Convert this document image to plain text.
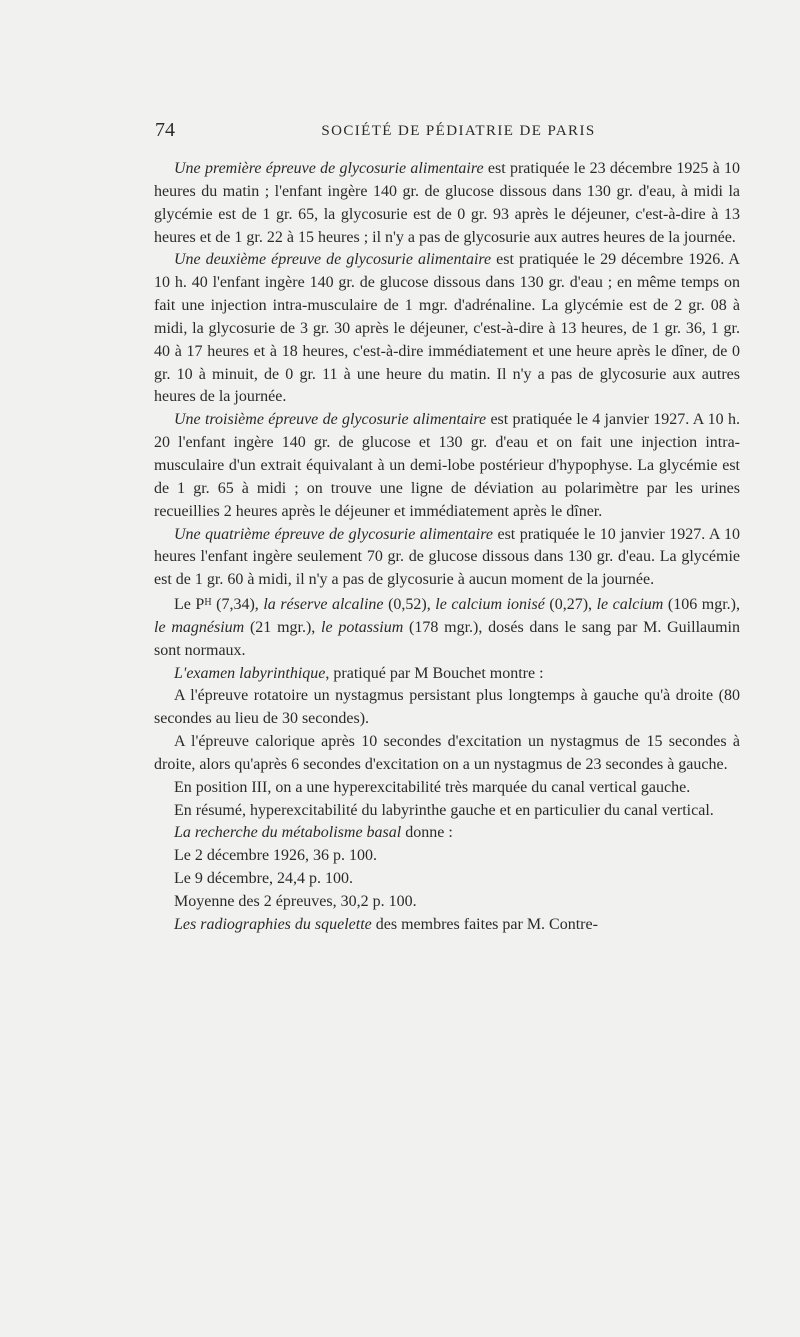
74	SOCIÉTÉ DE PÉDIATRIE DE PARIS

Une première épreuve de glycosurie alimentaire est pratiquée le 23 décembre 1925 à 10 heures du matin ; l'enfant ingère 140 gr. de glucose dissous dans 130 gr. d'eau, à midi la glycémie est de 1 gr. 65, la glycosurie est de 0 gr. 93 après le déjeuner, c'est-à-dire à 13 heures et de 1 gr. 22 à 15 heures ; il n'y a pas de glycosurie aux autres heures de la journée.

Une deuxième épreuve de glycosurie alimentaire est pratiquée le 29 décembre 1926. A 10 h. 40 l'enfant ingère 140 gr. de glucose dissous dans 130 gr. d'eau ; en même temps on fait une injection intra-musculaire de 1 mgr. d'adrénaline. La glycémie est de 2 gr. 08 à midi, la glycosurie de 3 gr. 30 après le déjeuner, c'est-à-dire à 13 heures, de 1 gr. 36, 1 gr. 40 à 17 heures et à 18 heures, c'est-à-dire immédiatement et une heure après le dîner, de 0 gr. 10 à minuit, de 0 gr. 11 à une heure du matin. Il n'y a pas de glycosurie aux autres heures de la journée.

Une troisième épreuve de glycosurie alimentaire est pratiquée le 4 janvier 1927. A 10 h. 20 l'enfant ingère 140 gr. de glucose et 130 gr. d'eau et on fait une injection intra-musculaire d'un extrait équivalant à un demi-lobe postérieur d'hypophyse. La glycémie est de 1 gr. 65 à midi ; on trouve une ligne de déviation au polarimètre par les urines recueillies 2 heures après le déjeuner et immédiatement après le dîner.

Une quatrième épreuve de glycosurie alimentaire est pratiquée le 10 janvier 1927. A 10 heures l'enfant ingère seulement 70 gr. de glucose dissous dans 130 gr. d'eau. La glycémie est de 1 gr. 60 à midi, il n'y a pas de glycosurie à aucun moment de la journée.

Le $P_H$ (7,34), la réserve alcaline (0,52), le calcium ionisé (0,27), le calcium (106 mgr.), le magnésium (21 mgr.), le potassium (178 mgr.), dosés dans le sang par M. Guillaumin sont normaux.

L'examen labyrinthique, pratiqué par M Bouchet montre :

A l'épreuve rotatoire un nystagmus persistant plus longtemps à gauche qu'à droite (80 secondes au lieu de 30 secondes).

A l'épreuve calorique après 10 secondes d'excitation un nystagmus de 15 secondes à droite, alors qu'après 6 secondes d'excitation on a un nystagmus de 23 secondes à gauche.

En position III, on a une hyperexcitabilité très marquée du canal vertical gauche.

En résumé, hyperexcitabilité du labyrinthe gauche et en particulier du canal vertical.

La recherche du métabolisme basal donne :

Le 2 décembre 1926, 36 p. 100.

Le 9 décembre, 24,4 p. 100.

Moyenne des 2 épreuves, 30,2 p. 100.

Les radiographies du squelette des membres faites par M. Contre-
